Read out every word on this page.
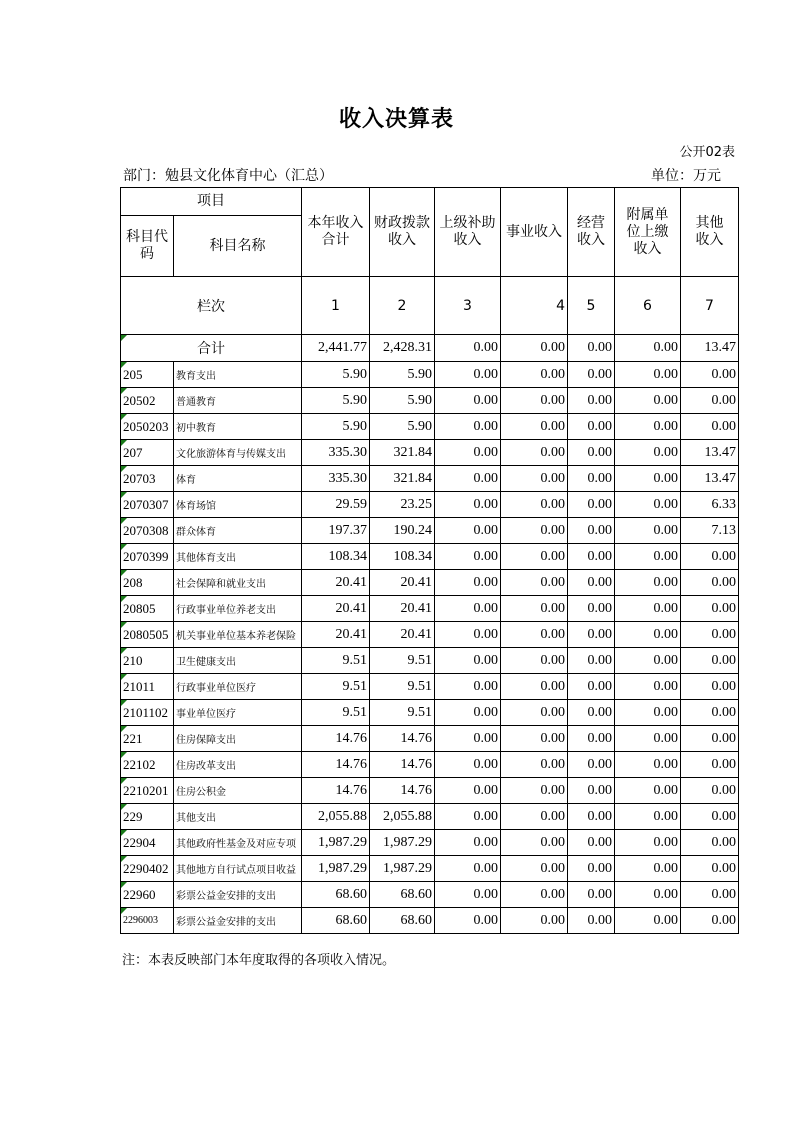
收入决算表
公开02表
部门：勉县文化体育中心（汇总）	单位：万元
项目		本年收入合计	财政拨款收入	上级补助收入	事业收入	经营收入	附属单位上缴收入	其他收入
科目代码	科目名称							
栏次		1	2	3	4	5	6	7

合计		2,441.77	2,428.31	0.00	0.00	0.00	0.00	13.47

205	教育支出	5.90	5.90	0.00	0.00	0.00	0.00	0.00

20502	普通教育	5.90	5.90	0.00	0.00	0.00	0.00	0.00

2050203	初中教育	5.90	5.90	0.00	0.00	0.00	0.00	0.00

207	文化旅游体育与传媒支出	335.30	321.84	0.00	0.00	0.00	0.00	13.47

20703	体育	335.30	321.84	0.00	0.00	0.00	0.00	13.47

2070307	体育场馆	29.59	23.25	0.00	0.00	0.00	0.00	6.33

2070308	群众体育	197.37	190.24	0.00	0.00	0.00	0.00	7.13

2070399	其他体育支出	108.34	108.34	0.00	0.00	0.00	0.00	0.00

208	社会保障和就业支出	20.41	20.41	0.00	0.00	0.00	0.00	0.00

20805	行政事业单位养老支出	20.41	20.41	0.00	0.00	0.00	0.00	0.00

2080505	机关事业单位基本养老保险	20.41	20.41	0.00	0.00	0.00	0.00	0.00

210	卫生健康支出	9.51	9.51	0.00	0.00	0.00	0.00	0.00

21011	行政事业单位医疗	9.51	9.51	0.00	0.00	0.00	0.00	0.00

2101102	事业单位医疗	9.51	9.51	0.00	0.00	0.00	0.00	0.00

221	住房保障支出	14.76	14.76	0.00	0.00	0.00	0.00	0.00

22102	住房改革支出	14.76	14.76	0.00	0.00	0.00	0.00	0.00

2210201	住房公积金	14.76	14.76	0.00	0.00	0.00	0.00	0.00

229	其他支出	2,055.88	2,055.88	0.00	0.00	0.00	0.00	0.00

22904	其他政府性基金及对应专项	1,987.29	1,987.29	0.00	0.00	0.00	0.00	0.00

2290402	其他地方自行试点项目收益	1,987.29	1,987.29	0.00	0.00	0.00	0.00	0.00

22960	彩票公益金安排的支出	68.60	68.60	0.00	0.00	0.00	0.00	0.00

2296003	彩票公益金安排的支出	68.60	68.60	0.00	0.00	0.00	0.00	0.00
注：本表反映部门本年度取得的各项收入情况。
